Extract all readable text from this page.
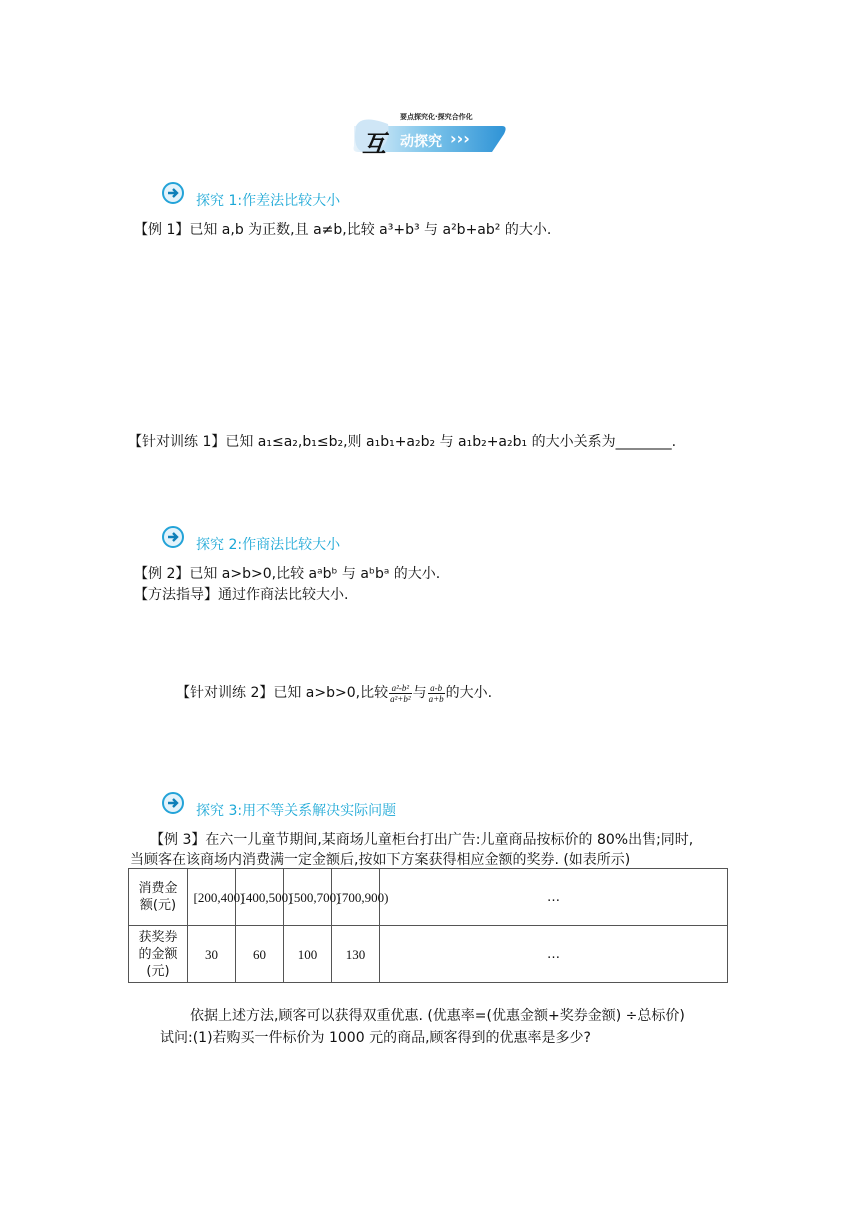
要点探究化·探究合作化
互 动探究 ›››
探究 1:作差法比较大小
【例 1】已知 a,b 为正数,且 a≠b,比较 a³+b³ 与 a²b+ab² 的大小.
【针对训练 1】已知 a₁≤a₂,b₁≤b₂,则 a₁b₁+a₂b₂ 与 a₁b₂+a₂b₁ 的大小关系为________.
探究 2:作商法比较大小
【例 2】已知 a>b>0,比较 aᵃbᵇ 与 aᵇbᵃ 的大小.
【方法指导】通过作商法比较大小.
【针对训练 2】已知 a>b>0,比较 $\frac{\text{a²-b²}}{\text{a²+b²}}$ 与 $\frac{a-b}{a+b}$ 的大小.
探究 3:用不等关系解决实际问题
【例 3】在六一儿童节期间,某商场儿童柜台打出广告:儿童商品按标价的 80%出售;同时,
当顾客在该商场内消费满一定金额后,按如下方案获得相应金额的奖券. (如表所示)
消费金额(元)	[200,400)	[400,500)	[500,700)	[700,900)	…
获奖券的金额(元)	30	60	100	130	…
依据上述方法,顾客可以获得双重优惠. (优惠率=(优惠金额+奖券金额) ÷总标价)
试问:(1)若购买一件标价为 1000 元的商品,顾客得到的优惠率是多少?
